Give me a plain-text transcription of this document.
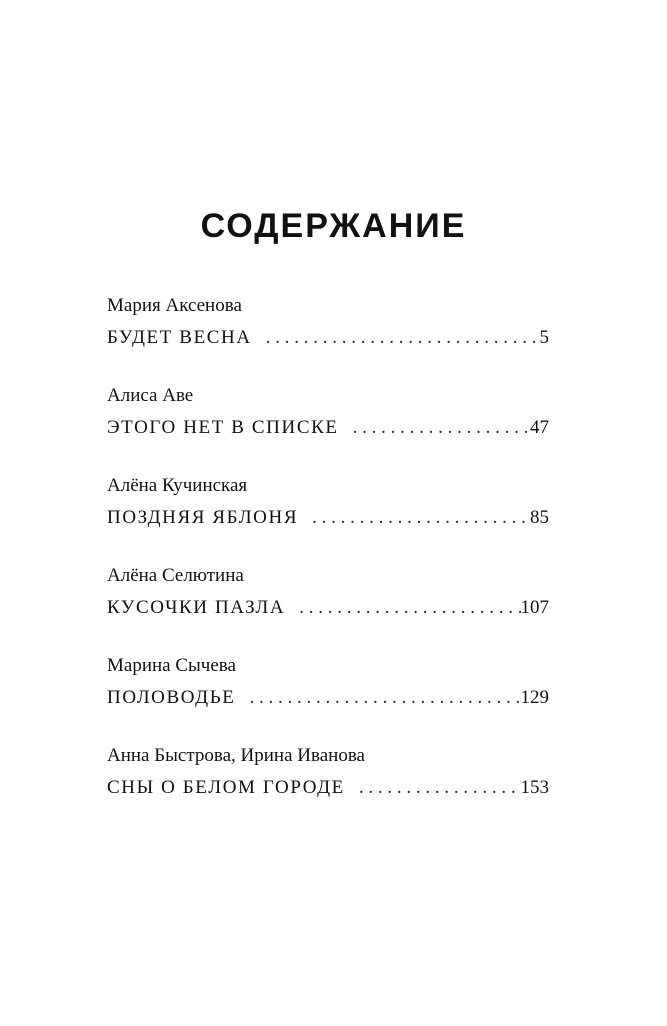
СОДЕРЖАНИЕ
Мария Аксенова
БУДЕТ ВЕСНА . . .	5
Алиса Аве
ЭТОГО НЕТ В СПИСКЕ . . .	47
Алёна Кучинская
ПОЗДНЯЯ ЯБЛОНЯ . . .	85
Алёна Селютина
КУСОЧКИ ПАЗЛА . . .	107
Марина Сычева
ПОЛОВОДЬЕ . . .	129
Анна Быстрова, Ирина Иванова
СНЫ О БЕЛОМ ГОРОДЕ . . .	153
